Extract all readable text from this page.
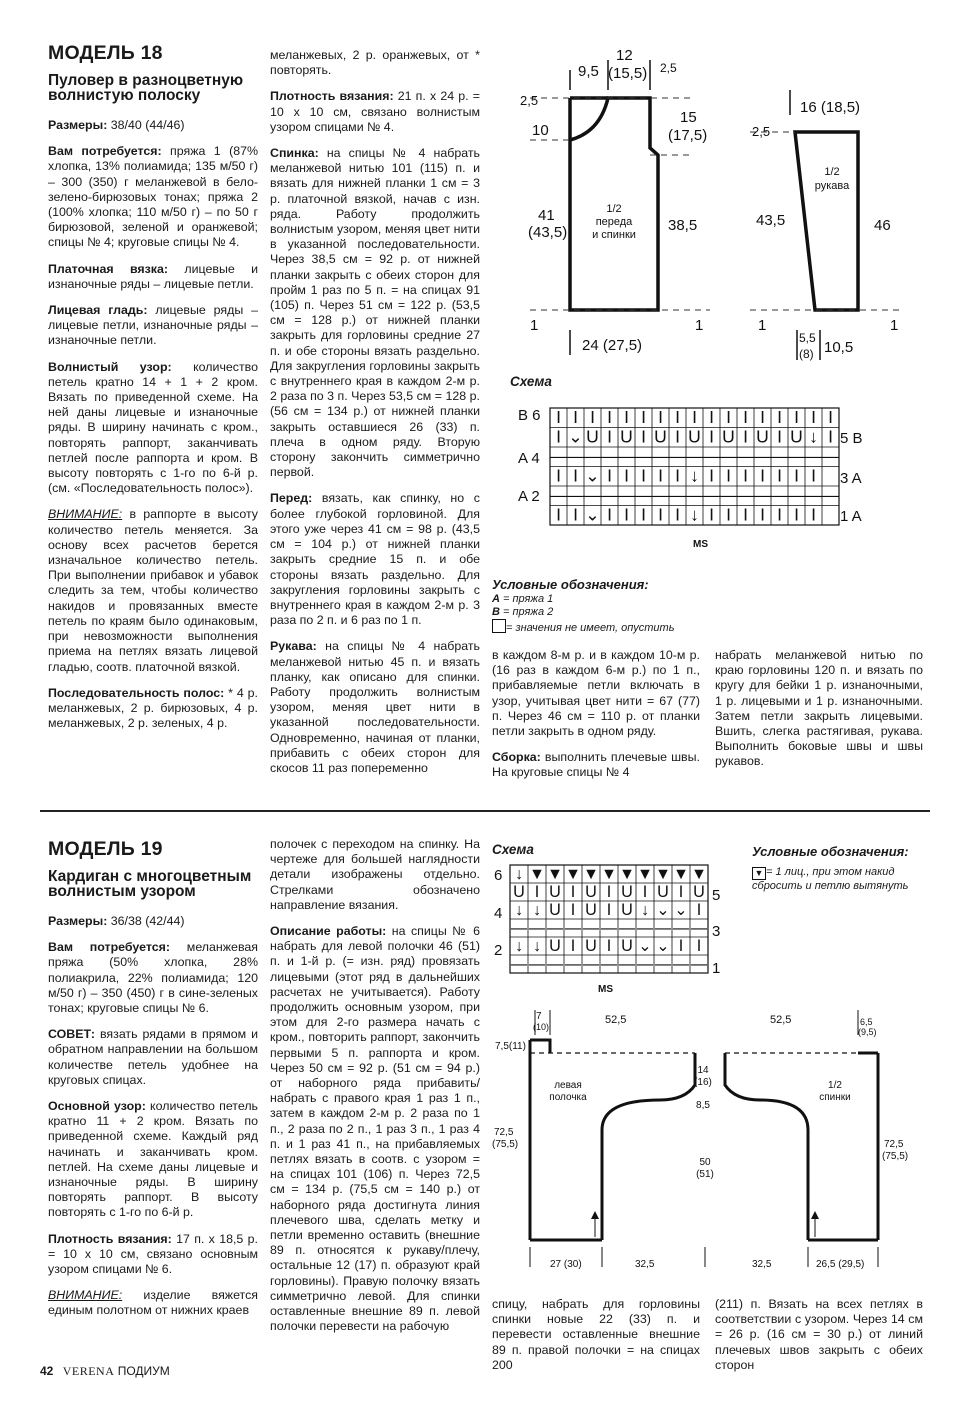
МОДЕЛЬ 18
Пуловер в разноцветную волнистую полоску

Размеры: 38/40 (44/46)

Вам потребуется: пряжа 1 (87% хлопка, 13% полиамида; 135 м/50 г) – 300 (350) г меланжевой в бело-зелено-бирюзовых тонах; пряжа 2 (100% хлопка; 110 м/50 г) – по 50 г бирюзовой, зеленой и оранжевой; спицы № 4; круговые спицы № 4.

Платочная вязка: лицевые и изнаночные ряды – лицевые петли.

Лицевая гладь: лицевые ряды – лицевые петли, изнаночные ряды – изнаночные петли.

Волнистый узор: количество петель кратно 14 + 1 + 2 кром. Вязать по приведенной схеме. На ней даны лицевые и изнаночные ряды. В ширину начинать с кром., повторять раппорт, заканчивать петлей после раппорта и кром. В высоту повторять с 1-го по 6-й р. (см. «Последовательность полос»).

ВНИМАНИЕ: в раппорте в высоту количество петель меняется. За основу всех расчетов берется изначальное количество петель. При выполнении прибавок и убавок следить за тем, чтобы количество накидов и провязанных вместе петель по краям было одинаковым, при невозможности выполнения приема на петлях вязать лицевой гладью, соотв. платочной вязкой.

Последовательность полос: * 4 р. меланжевых, 2 р. бирюзовых, 4 р. меланжевых, 2 р. зеленых, 4 р.

меланжевых, 2 р. оранжевых, от * повторять.

Плотность вязания: 21 п. х 24 р. = 10 х 10 см, связано волнистым узором спицами № 4.

Спинка: на спицы № 4 набрать меланжевой нитью 101 (115) п. и вязать для нижней планки 1 см = 3 р. платочной вязкой, начав с изн. ряда. Работу продолжить волнистым узором, меняя цвет нити в указанной последовательности. Через 38,5 см = 92 р. от нижней планки закрыть с обеих сторон для пройм 1 раз по 5 п. = на спицах 91 (105) п. Через 51 см = 122 р. (53,5 см = 128 р.) от нижней планки закрыть для горловины средние 27 п. и обе стороны вязать раздельно. Для закругления горловины закрыть с внутреннего края в каждом 2-м р. 2 раза по 3 п. Через 53,5 см = 128 р. (56 см = 134 р.) от нижней планки закрыть оставшиеся 26 (33) п. плеча в одном ряду. Вторую сторону закончить симметрично первой.

Перед: вязать, как спинку, но с более глубокой горловиной. Для этого уже через 41 см = 98 р. (43,5 см = 104 р.) от нижней планки закрыть средние 15 п. и обе стороны вязать раздельно. Для закругления горловины закрыть с внутреннего края в каждом 2-м р. 3 раза по 2 п. и 6 раз по 1 п.

Рукава: на спицы № 4 набрать меланжевой нитью 45 п. и вязать планку, как описано для спинки. Работу продолжить волнистым узором, меняя цвет нити в указанной последовательности. Одновременно, начиная от планки, прибавить с обеих сторон для скосов 11 раз попеременно

в каждом 8-м р. и в каждом 10-м р. (16 раз в каждом 6-м р.) по 1 п., прибавляемые петли включать в узор, учитывая цвет нити = 67 (77) п. Через 46 см = 110 р. от планки петли закрыть в одном ряду.

Сборка: выполнить плечевые швы. На круговые спицы № 4

набрать меланжевой нитью по краю горловины 120 п. и вязать по кругу для бейки 1 р. изнаночными, 1 р. лицевыми и 1 р. изнаночными. Затем петли закрыть лицевыми. Вшить, слегка растягивая, рукава. Выполнить боковые швы и швы рукавов.

9,5
12
(15,5) 2,5
2,5
10
15
(17,5)
1/2 переда и спинки
38,5
41
(43,5)
1	1
24 (27,5)
16 (18,5)
2,5
1/2 рукава
43,5	46
1	1
5,5
(8) 10,5
Схема
I I I I I I I I I I I I I I I I I
I ⌄ U I U I U I U I U I U I U ↓ I
— — — — — — — — — — — — — — — — —
I I ⌄ I I I I I ↓ I I I I I I I
— — — — — — — — — — — — — — — — —
I I ⌄ I I I I I ↓ I I I I I I I
B 6
A 4
A 2
5 B
3 A
1 A
MS
Условные обозначения:
A = пряжа 1
B = пряжа 2
= значения не имеет, опустить
МОДЕЛЬ 19
Кардиган с многоцветным волнистым узором

Размеры: 36/38 (42/44)

Вам потребуется: меланжевая пряжа (50% хлопка, 28% полиакрила, 22% полиамида; 120 м/50 г) – 350 (450) г в сине-зеленых тонах; круговые спицы № 6.

СОВЕТ: вязать рядами в прямом и обратном направлении на большом количестве петель удобнее на круговых спицах.

Основной узор: количество петель кратно 11 + 2 кром. Вязать по приведенной схеме. Каждый ряд начинать и заканчивать кром. петлей. На схеме даны лицевые и изнаночные ряды. В ширину повторять раппорт. В высоту повторять с 1-го по 6-й р.

Плотность вязания: 17 п. х 18,5 р. = 10 х 10 см, связано основным узором спицами № 6.

ВНИМАНИЕ: изделие вяжется единым полотном от нижних краев

полочек с переходом на спинку. На чертеже для большей наглядности детали изображены отдельно. Стрелками обозначено направление вязания.

Описание работы: на спицы № 6 набрать для левой полочки 46 (51) п. и 1-й р. (= изн. ряд) провязать лицевыми (этот ряд в дальнейших расчетах не учитывается). Работу продолжить основным узором, при этом для 2-го размера начать с кром., повторить раппорт, закончить первыми 5 п. раппорта и кром. Через 50 см = 92 р. (51 см = 94 р.) от наборного ряда прибавить/набрать с правого края 1 раз 1 п., затем в каждом 2-м р. 2 раза по 1 п., 2 раза по 2 п., 1 раз 3 п., 1 раз 4 п. и 1 раз 41 п., на прибавляемых петлях вязать в соотв. с узором = на спицах 101 (106) п. Через 72,5 см = 134 р. (75,5 см = 140 р.) от наборного ряда достигнута линия плечевого шва, сделать метку и петли временно оставить (внешние 89 п. относятся к рукаву/плечу, остальные 12 (17) п. образуют край горловины). Правую полочку вязать симметрично левой. Для спинки оставленные внешние 89 п. левой полочки перевести на рабочую

спицу, набрать для горловины спинки новые 22 (33) п. и перевести оставленные внешние 89 п. правой полочки = на спицах 200

(211) п. Вязать на всех петлях в соответствии с узором. Через 14 см = 26 р. (16 см = 30 р.) от линий плечевых швов закрыть с обеих сторон

Схема	Условные обозначения:
▼ = 1 лиц., при этом накид сбросить и петлю вытянуть
↓ ▼ ▼ ▼ ▼ ▼ ▼ ▼ ▼ ▼ ▼
U I U I U I U I U I U
↓ ↓ U I U I U ↓ ⌄ ⌄ I
— — — — — — — — — — —
↓ ↓ U I U I U ⌄ ⌄ I I
— — — — — — — — — — —
6
4
2
5
3
1
MS
7
(10)
52,5	52,5	6,5
(9,5)
7,5(11)
левая полочка
14
(16)
8,5
1/2 спинки
72,5
(75,5)	72,5
(75,5)
50
(51)
27 (30)	32,5	32,5	26,5 (29,5)
42 VERENA ПОДИУМ
